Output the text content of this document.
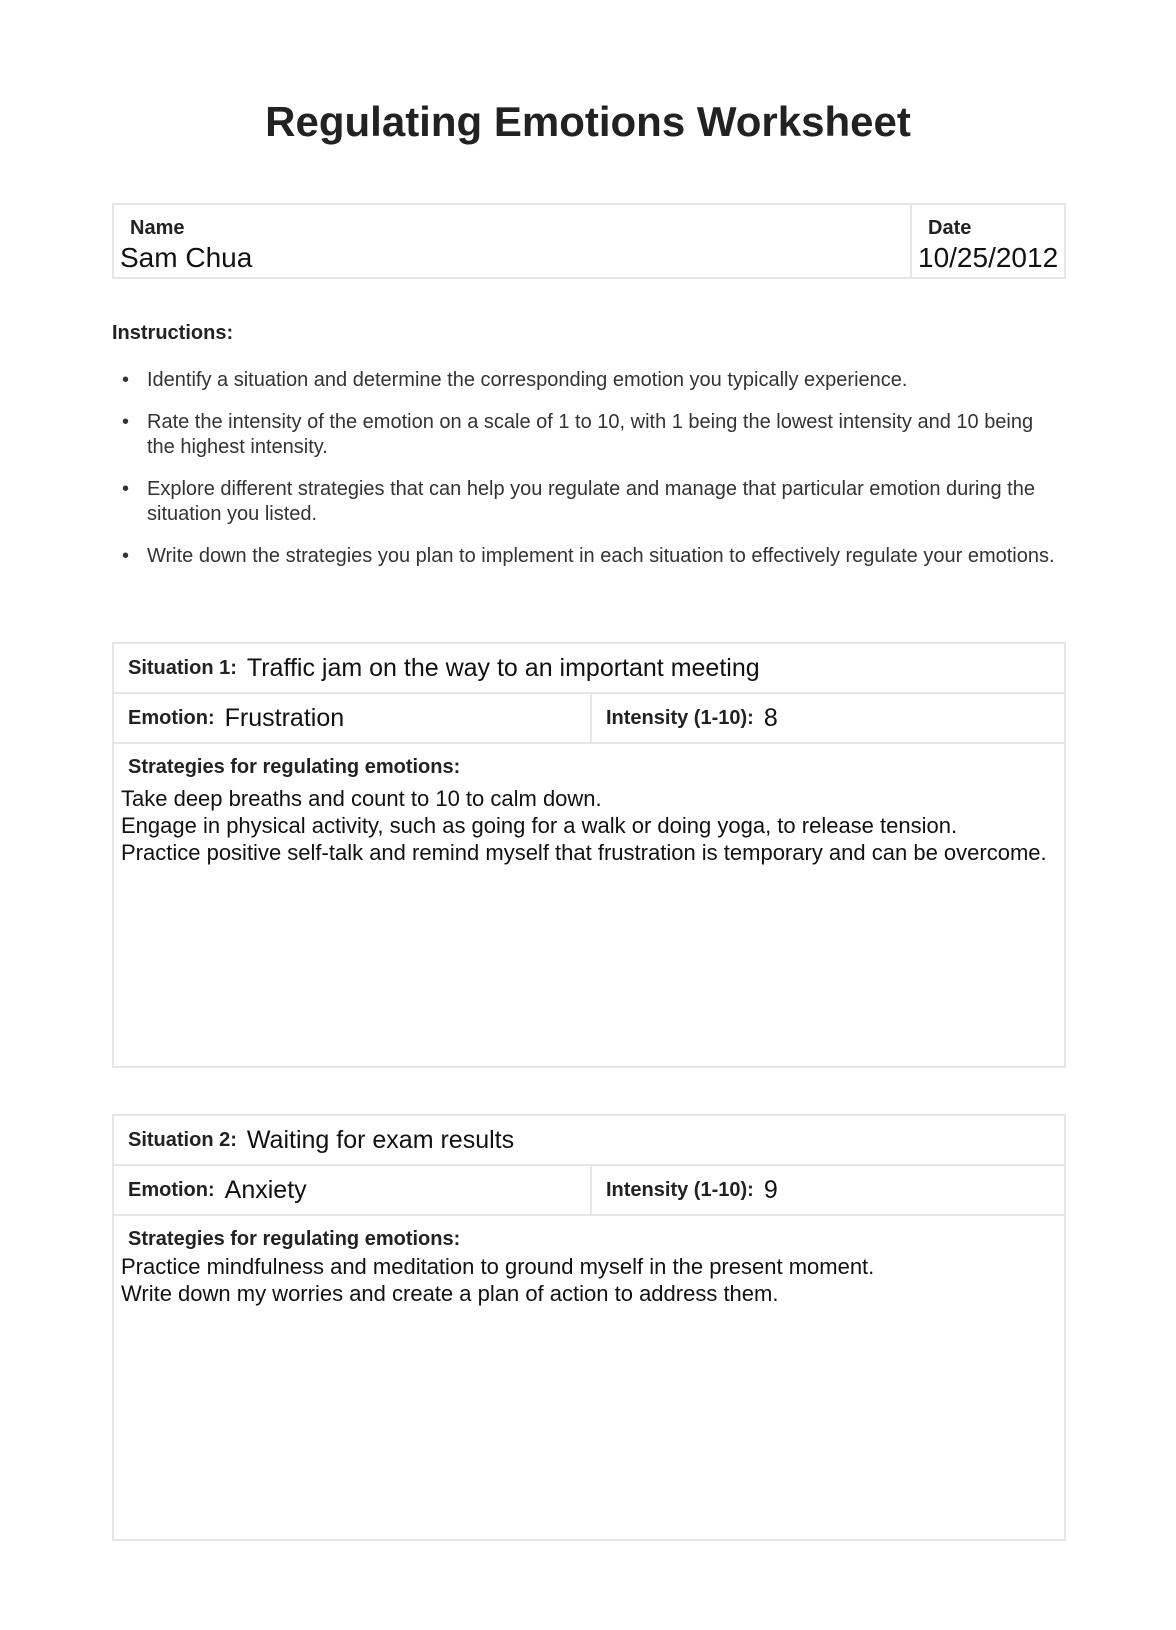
Regulating Emotions Worksheet
Name
Sam Chua
Date
10/25/2012
Instructions:
• Identify a situation and determine the corresponding emotion you typically experience.
• Rate the intensity of the emotion on a scale of 1 to 10, with 1 being the lowest intensity and 10 being the highest intensity.
• Explore different strategies that can help you regulate and manage that particular emotion during the situation you listed.
• Write down the strategies you plan to implement in each situation to effectively regulate your emotions.
Situation 1: Traffic jam on the way to an important meeting
Emotion: Frustration	Intensity (1-10): 8
Strategies for regulating emotions:
Take deep breaths and count to 10 to calm down.
Engage in physical activity, such as going for a walk or doing yoga, to release tension.
Practice positive self-talk and remind myself that frustration is temporary and can be overcome.
Situation 2: Waiting for exam results
Emotion: Anxiety	Intensity (1-10): 9
Strategies for regulating emotions:
Practice mindfulness and meditation to ground myself in the present moment.
Write down my worries and create a plan of action to address them.
